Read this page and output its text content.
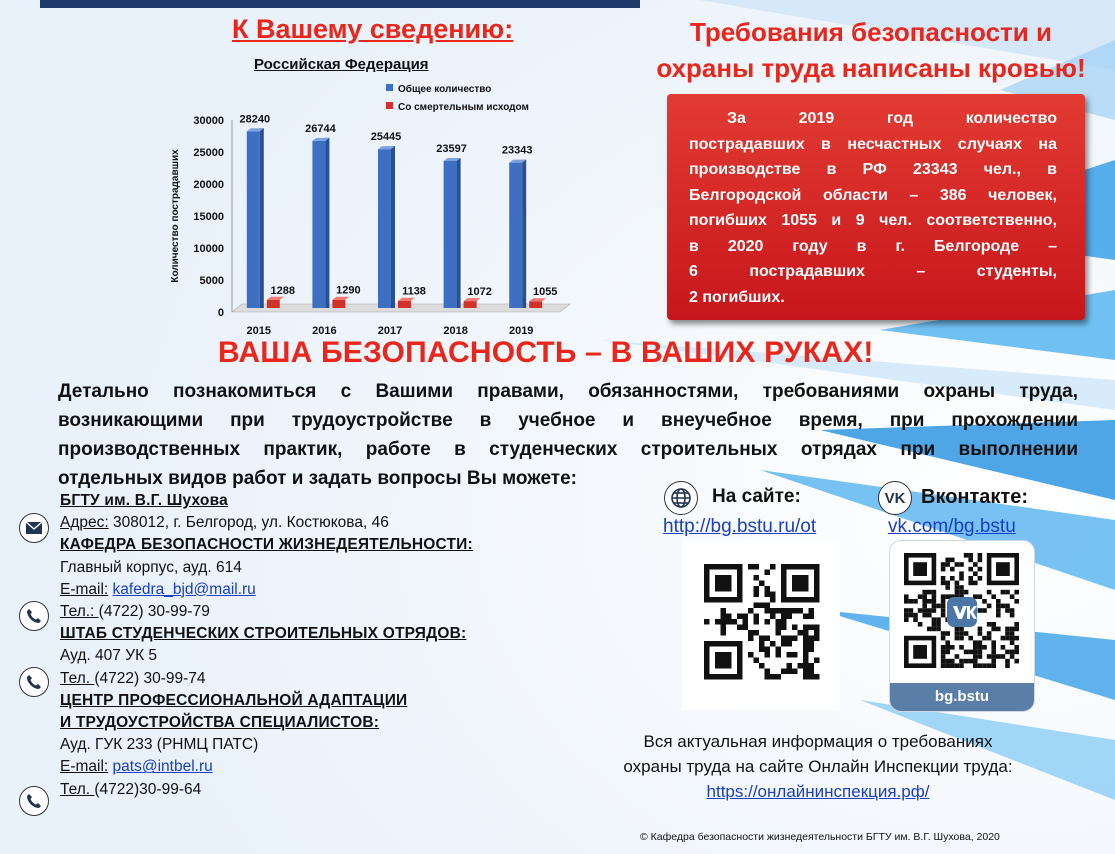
К Вашему сведению:	Требования безопасности и
охраны труда написаны кровью!
Российская Федерация
0
5000
10000
15000
20000
25000
30000
Количество пострадавших
Общее количество
Со смертельным исходом
28240
1288
2015
26744
1290
2016
25445
1138
2017
23597
1072
2018
23343
1055
2019
За 2019 год количество
пострадавших в несчастных случаях на
производстве в РФ 23343 чел., в
Белгородской области – 386 человек,
погибших 1055 и 9 чел. соответственно,
в 2020 году в г. Белгороде –
6 пострадавших – студенты,
2 погибших.
ВАША БЕЗОПАСНОСТЬ – В ВАШИХ РУКАХ!
Детально познакомиться с Вашими правами, обязанностями, требованиями охраны труда,
возникающими при трудоустройстве в учебное и внеучебное время, при прохождении
производственных практик, работе в студенческих строительных отрядах при выполнении
отдельных видов работ и задать вопросы Вы можете:
БГТУ им. В.Г. Шухова
Адрес: 308012, г. Белгород, ул. Костюкова, 46
КАФЕДРА БЕЗОПАСНОСТИ ЖИЗНЕДЕЯТЕЛЬНОСТИ:
Главный корпус, ауд. 614
E-mail: kafedra_bjd@mail.ru
Тел.: (4722) 30-99-79
ШТАБ СТУДЕНЧЕСКИХ СТРОИТЕЛЬНЫХ ОТРЯДОВ:
Ауд. 407 УК 5
Тел. (4722) 30-99-74
ЦЕНТР ПРОФЕССИОНАЛЬНОЙ АДАПТАЦИИ
И ТРУДОУСТРОЙСТВА СПЕЦИАЛИСТОВ:
Ауд. ГУК 233 (РНМЦ ПАТС)
E-mail: pats@intbel.ru
Тел. (4722)30-99-64
На сайте:	VK Вконтакте:
http://bg.bstu.ru/ot	vk.com/bg.bstu
bg.bstu
Вся актуальная информация о требованиях
охраны труда на сайте Онлайн Инспекции труда:
https://онлайнинспекция.рф/
© Кафедра безопасности жизнедеятельности БГТУ им. В.Г. Шухова, 2020
